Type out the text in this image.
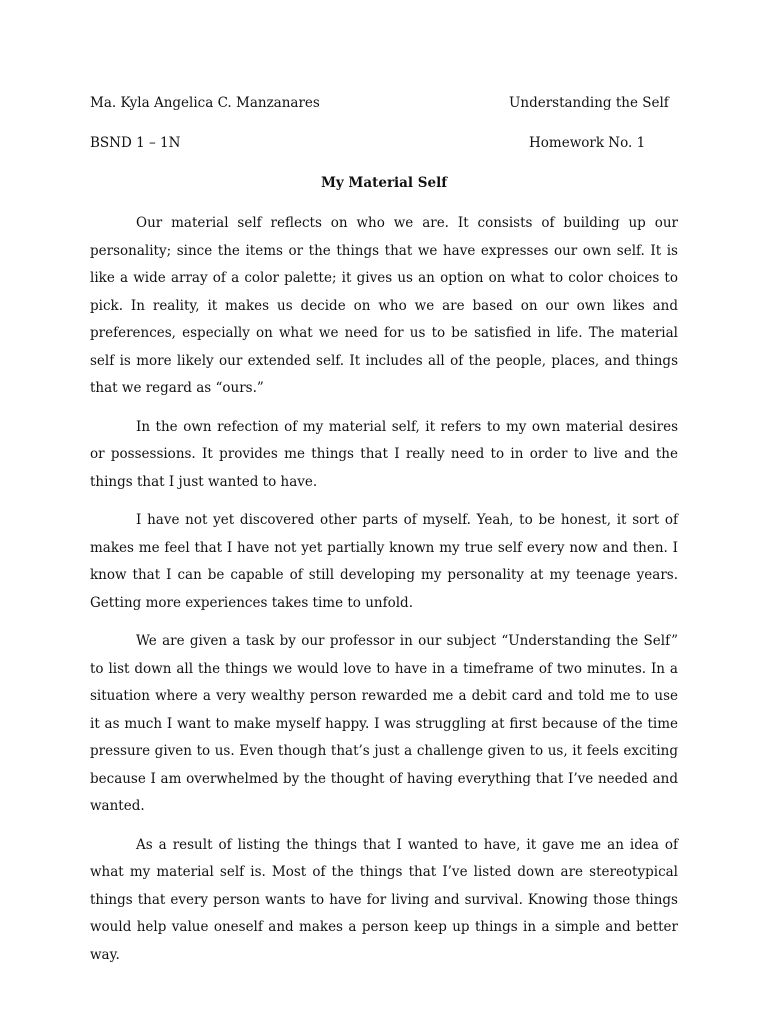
Ma. Kyla Angelica C. Manzanares	Understanding the Self
BSND 1 – 1N	Homework No. 1
My Material Self

Our material self reflects on who we are. It consists of building up our personality; since the items or the things that we have expresses our own self. It is like a wide array of a color palette; it gives us an option on what to color choices to pick. In reality, it makes us decide on who we are based on our own likes and preferences, especially on what we need for us to be satisfied in life. The material self is more likely our extended self. It includes all of the people, places, and things that we regard as “ours.”

In the own refection of my material self, it refers to my own material desires or possessions. It provides me things that I really need to in order to live and the things that I just wanted to have.

I have not yet discovered other parts of myself. Yeah, to be honest, it sort of makes me feel that I have not yet partially known my true self every now and then. I know that I can be capable of still developing my personality at my teenage years. Getting more experiences takes time to unfold.

We are given a task by our professor in our subject “Understanding the Self” to list down all the things we would love to have in a timeframe of two minutes. In a situation where a very wealthy person rewarded me a debit card and told me to use it as much I want to make myself happy. I was struggling at first because of the time pressure given to us. Even though that’s just a challenge given to us, it feels exciting because I am overwhelmed by the thought of having everything that I’ve needed and wanted.

As a result of listing the things that I wanted to have, it gave me an idea of what my material self is. Most of the things that I’ve listed down are stereotypical things that every person wants to have for living and survival. Knowing those things would help value oneself and makes a person keep up things in a simple and better way.
